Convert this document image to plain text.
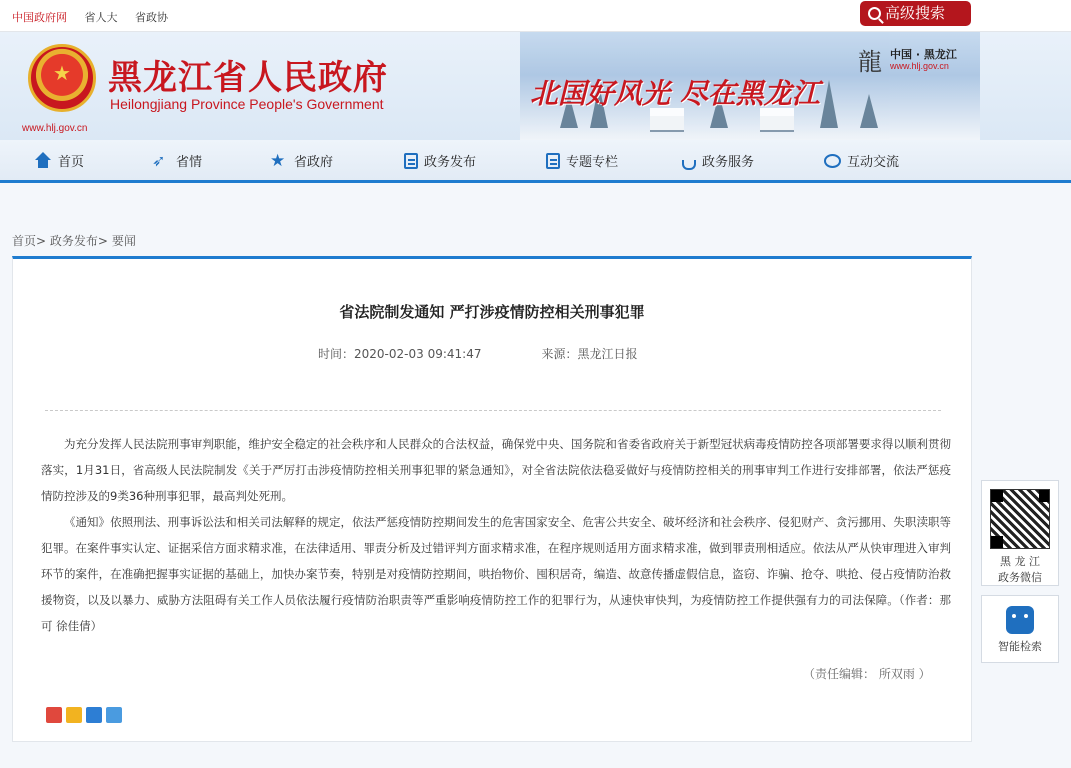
中国政府网 省人大 省政协	高级搜索
★
www.hlj.gov.cn
黑龙江省人民政府
Heilongjiang Province People's Government	北国好风光 尽在黑龙江
龍 中国 · 黑龙江
www.hlj.gov.cn
首页	➶ 省情	★ 省政府	政务发布	专题专栏	政务服务	互动交流
首页> 政务发布> 要闻
省法院制发通知 严打涉疫情防控相关刑事犯罪
时间：2020-02-03 09:41:47	来源：黑龙江日报

为充分发挥人民法院刑事审判职能，维护安全稳定的社会秩序和人民群众的合法权益，确保党中央、国务院和省委省政府关于新型冠状病毒疫情防控各项部署要求得以顺利贯彻落实，1月31日，省高级人民法院制发《关于严厉打击涉疫情防控相关刑事犯罪的紧急通知》，对全省法院依法稳妥做好与疫情防控相关的刑事审判工作进行安排部署，依法严惩疫情防控涉及的9类36种刑事犯罪，最高判处死刑。

《通知》依照刑法、刑事诉讼法和相关司法解释的规定，依法严惩疫情防控期间发生的危害国家安全、危害公共安全、破坏经济和社会秩序、侵犯财产、贪污挪用、失职渎职等犯罪。在案件事实认定、证据采信方面求精求准，在法律适用、罪责分析及过错评判方面求精求准，在程序规则适用方面求精求准，做到罪责刑相适应。依法从严从快审理进入审判环节的案件，在准确把握事实证据的基础上，加快办案节奏，特别是对疫情防控期间，哄抬物价、囤积居奇，编造、故意传播虚假信息，盗窃、诈骗、抢夺、哄抢、侵占疫情防治救援物资，以及以暴力、威胁方法阻碍有关工作人员依法履行疫情防治职责等严重影响疫情防控工作的犯罪行为，从速快审快判，为疫情防控工作提供强有力的司法保障。（作者：那可 徐佳倩）

（责任编辑： 所双雨 ）
黑 龙 江
政务微信
智能检索
